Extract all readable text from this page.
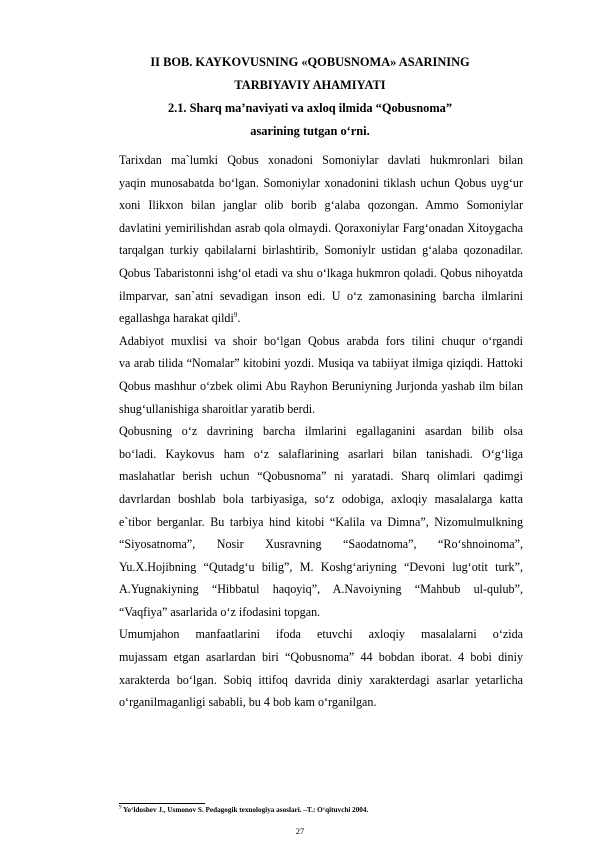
II BOB. KAYKOVUSNING «QOBUSNOMA» ASARINING
TARBIYAVIY AHAMIYATI
2.1. Sharq ma’naviyati va axloq ilmida “Qobusnoma”
asarining tutgan o‘rni.
Tarixdan ma`lumki Qobus xonadoni Somoniylar davlati hukmronlari bilan
yaqin munosabatda bo‘lgan. Somoniylar xonadonini tiklash uchun Qobus uyg‘ur
xoni Ilikxon bilan janglar olib borib g‘alaba qozongan. Ammo Somoniylar
davlatini yemirilishdan asrab qola olmaydi. Qoraxoniylar Farg‘onadan Xitoygacha
tarqalgan turkiy qabilalarni birlashtirib, Somoniylr ustidan g‘alaba qozonadilar.
Qobus Tabaristonni ishg‘ol etadi va shu o‘lkaga hukmron qoladi. Qobus nihoyatda
ilmparvar, san`atni sevadigan inson edi. U o‘z zamonasining barcha ilmlarini
egallashga harakat qildi$^9$.
Adabiyot muxlisi va shoir bo‘lgan Qobus arabda fors tilini chuqur o‘rgandi
va arab tilida “Nomalar” kitobini yozdi. Musiqa va tabiiyat ilmiga qiziqdi. Hattoki
Qobus mashhur o‘zbek olimi Abu Rayhon Beruniyning Jurjonda yashab ilm bilan
shug‘ullanishiga sharoitlar yaratib berdi.
Qobusning o‘z davrining barcha ilmlarini egallaganini asardan bilib olsa
bo‘ladi. Kaykovus ham o‘z salaflarining asarlari bilan tanishadi. O‘g‘liga
maslahatlar berish uchun “Qobusnoma” ni yaratadi. Sharq olimlari qadimgi
davrlardan boshlab bola tarbiyasiga, so‘z odobiga, axloqiy masalalarga katta
e`tibor berganlar. Bu tarbiya hind kitobi “Kalila va Dimna”, Nizomulmulkning
“Siyosatnoma”, Nosir Xusravning “Saodatnoma”, “Ro‘shnoinoma”,
Yu.X.Hojibning “Qutadg‘u bilig”, M. Koshg‘ariyning “Devoni lug‘otit turk”,
A.Yugnakiyning “Hibbatul haqoyiq”, A.Navoiyning “Mahbub ul-qulub”,
“Vaqfiya” asarlarida o‘z ifodasini topgan.
Umumjahon manfaatlarini ifoda etuvchi axloqiy masalalarni o‘zida
mujassam etgan asarlardan biri “Qobusnoma” 44 bobdan iborat. 4 bobi diniy
xarakterda bo‘lgan. Sobiq ittifoq davrida diniy xarakterdagi asarlar yetarlicha
o‘rganilmaganligi sababli, bu 4 bob kam o‘rganilgan.
$^9$ Yo‘ldoshev J., Usmonov S. Pedagogik texnologiya asoslari. –T.: O‘qituvchi 2004.
27
